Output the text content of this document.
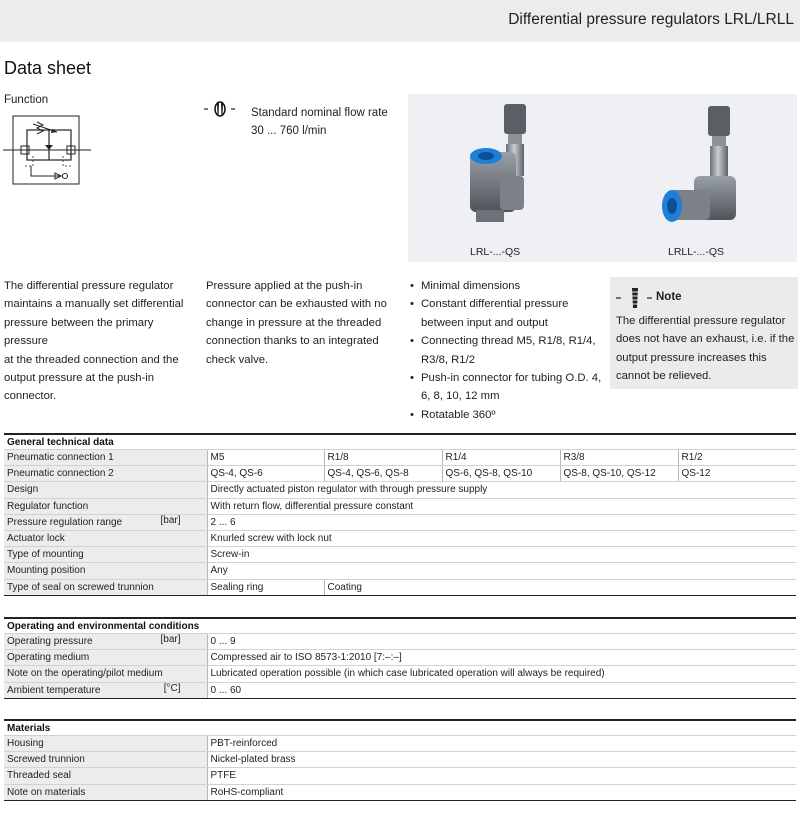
Differential pressure regulators LRL/LRLL
Data sheet
Function
Standard nominal flow rate
30 ... 760 l/min
LRL-...-QS	LRLL-...-QS
The differential pressure regulator
maintains a manually set differential
pressure between the primary pressure
at the threaded connection and the
output pressure at the push-in
connector.
Pressure applied at the push-in
connector can be exhausted with no
change in pressure at the threaded
connection thanks to an integrated
check valve.
• Minimal dimensions
• Constant differential pressure
between input and output
• Connecting thread M5, R1/8, R1/4,
R3/8, R1/2
• Push-in connector for tubing O.D. 4,
6, 8, 10, 12 mm
• Rotatable 360º
Note
The differential pressure regulator
does not have an exhaust, i.e. if the
output pressure increases this
cannot be relieved.
General technical data
Pneumatic connection 1	M5	R1/8	R1/4	R3/8	R1/2
Pneumatic connection 2	QS-4, QS-6	QS-4, QS-6, QS-8	QS-6, QS-8, QS-10	QS-8, QS-10, QS-12	QS-12
Design	Directly actuated piston regulator with through pressure supply				
Regulator function	With return flow, differential pressure constant				
Pressure regulation range [bar]	2 ... 6				
Actuator lock	Knurled screw with lock nut				
Type of mounting	Screw-in				
Mounting position	Any				
Type of seal on screwed trunnion	Sealing ring	Coating			
Operating and environmental conditions
Operating pressure [bar]	0 ... 9
Operating medium	Compressed air to ISO 8573-1:2010 [7:–:–]
Note on the operating/pilot medium	Lubricated operation possible (in which case lubricated operation will always be required)
Ambient temperature [°C]	0 ... 60
Materials
Housing	PBT-reinforced
Screwed trunnion	Nickel-plated brass
Threaded seal	PTFE
Note on materials	RoHS-compliant
